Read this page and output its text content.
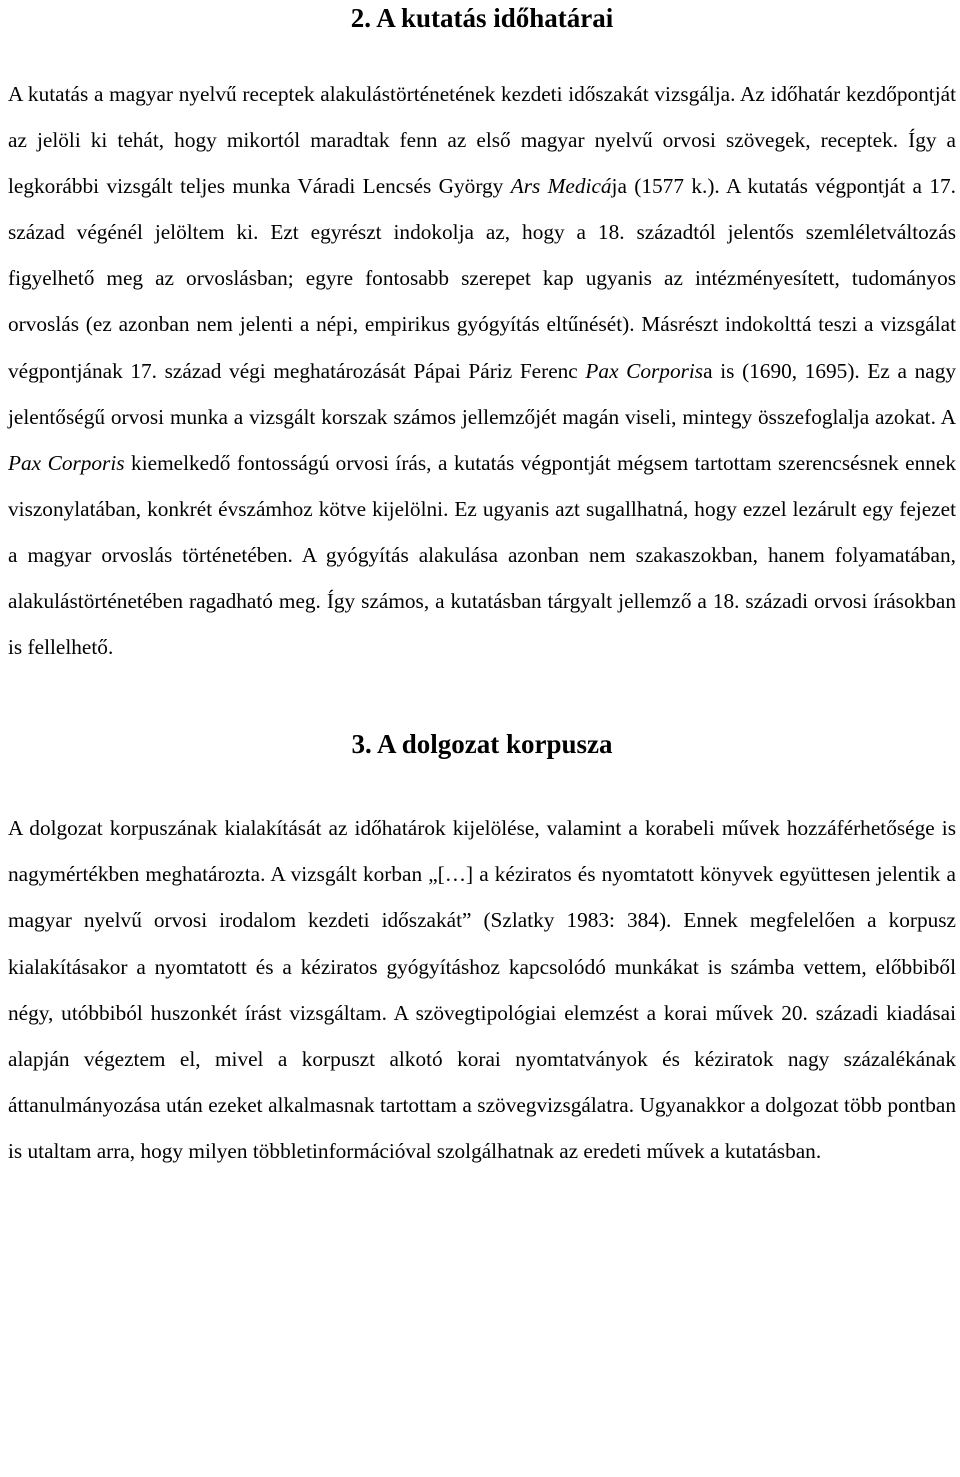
2. A kutatás időhatárai

A kutatás a magyar nyelvű receptek alakulástörténetének kezdeti időszakát vizsgálja. Az időhatár kezdőpontját az jelöli ki tehát, hogy mikortól maradtak fenn az első magyar nyelvű orvosi szövegek, receptek. Így a legkorábbi vizsgált teljes munka Váradi Lencsés György Ars Medicája (1577 k.). A kutatás végpontját a 17. század végénél jelöltem ki. Ezt egyrészt indokolja az, hogy a 18. századtól jelentős szemléletváltozás figyelhető meg az orvoslásban; egyre fontosabb szerepet kap ugyanis az intézményesített, tudományos orvoslás (ez azonban nem jelenti a népi, empirikus gyógyítás eltűnését). Másrészt indokolttá teszi a vizsgálat végpontjának 17. század végi meghatározását Pápai Páriz Ferenc Pax Corporisa is (1690, 1695). Ez a nagy jelentőségű orvosi munka a vizsgált korszak számos jellemzőjét magán viseli, mintegy összefoglalja azokat. A Pax Corporis kiemelkedő fontosságú orvosi írás, a kutatás végpontját mégsem tartottam szerencsésnek ennek viszonylatában, konkrét évszámhoz kötve kijelölni. Ez ugyanis azt sugallhatná, hogy ezzel lezárult egy fejezet a magyar orvoslás történetében. A gyógyítás alakulása azonban nem szakaszokban, hanem folyamatában, alakulástörténetében ragadható meg. Így számos, a kutatásban tárgyalt jellemző a 18. századi orvosi írásokban is fellelhető.

3. A dolgozat korpusza

A dolgozat korpuszának kialakítását az időhatárok kijelölése, valamint a korabeli művek hozzáférhetősége is nagymértékben meghatározta. A vizsgált korban „[…] a kéziratos és nyomtatott könyvek együttesen jelentik a magyar nyelvű orvosi irodalom kezdeti időszakát” (Szlatky 1983: 384). Ennek megfelelően a korpusz kialakításakor a nyomtatott és a kéziratos gyógyításhoz kapcsolódó munkákat is számba vettem, előbbiből négy, utóbbiból huszonkét írást vizsgáltam. A szövegtipológiai elemzést a korai művek 20. századi kiadásai alapján végeztem el, mivel a korpuszt alkotó korai nyomtatványok és kéziratok nagy százalékának áttanulmányozása után ezeket alkalmasnak tartottam a szövegvizsgálatra. Ugyanakkor a dolgozat több pontban is utaltam arra, hogy milyen többletinformációval szolgálhatnak az eredeti művek a kutatásban.
